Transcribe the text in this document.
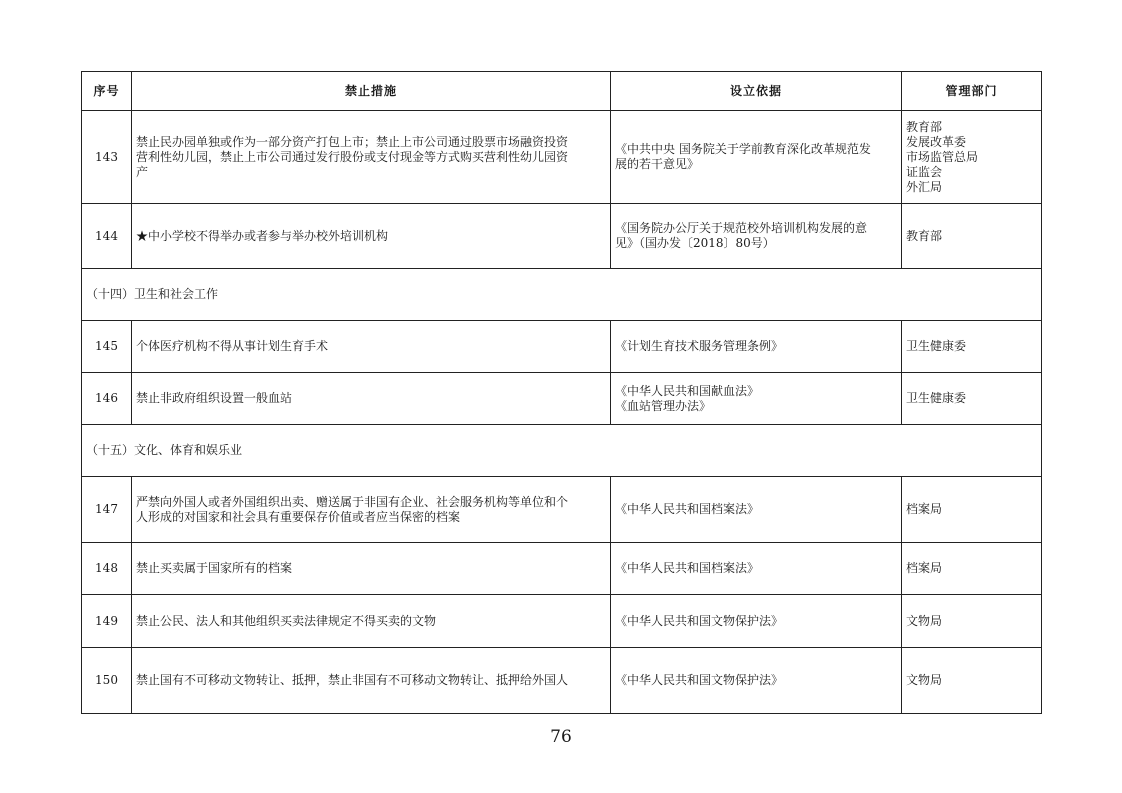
序号	禁止措施	设立依据	管理部门
143	禁止民办园单独或作为一部分资产打包上市；禁止上市公司通过股票市场融资投资
营利性幼儿园，禁止上市公司通过发行股份或支付现金等方式购买营利性幼儿园资
产	《中共中央 国务院关于学前教育深化改革规范发
展的若干意见》	教育部
发展改革委
市场监管总局
证监会
外汇局

144	★中小学校不得举办或者参与举办校外培训机构	《国务院办公厅关于规范校外培训机构发展的意
见》（国办发〔2018〕80号）	教育部

（十四）卫生和社会工作			
145	个体医疗机构不得从事计划生育手术	《计划生育技术服务管理条例》	卫生健康委

146	禁止非政府组织设置一般血站	《中华人民共和国献血法》
《血站管理办法》	卫生健康委

（十五）文化、体育和娱乐业			
147	严禁向外国人或者外国组织出卖、赠送属于非国有企业、社会服务机构等单位和个
人形成的对国家和社会具有重要保存价值或者应当保密的档案	《中华人民共和国档案法》	档案局

148	禁止买卖属于国家所有的档案	《中华人民共和国档案法》	档案局

149	禁止公民、法人和其他组织买卖法律规定不得买卖的文物	《中华人民共和国文物保护法》	文物局

150	禁止国有不可移动文物转让、抵押，禁止非国有不可移动文物转让、抵押给外国人	《中华人民共和国文物保护法》	文物局
76
